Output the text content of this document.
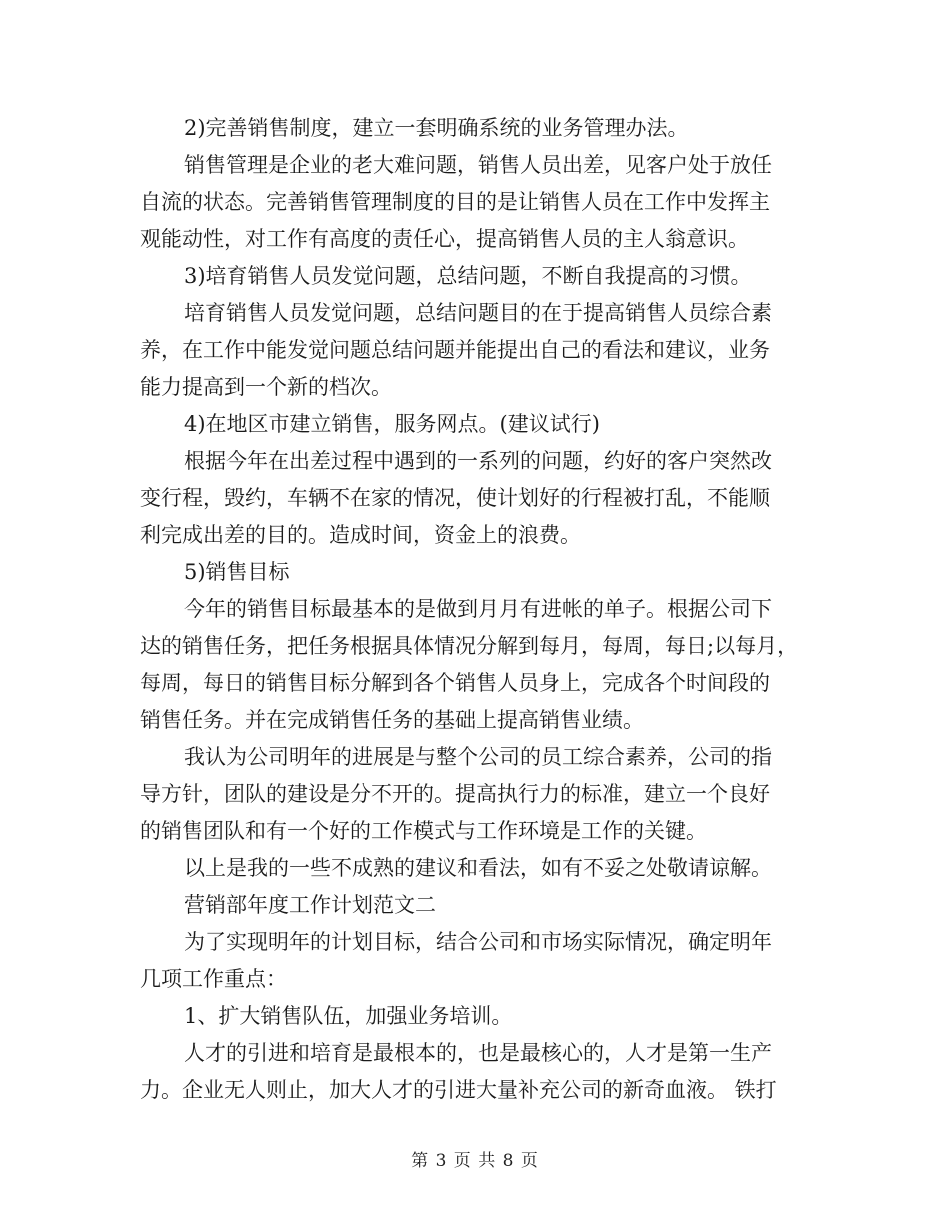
2)完善销售制度，建立一套明确系统的业务管理办法。
销售管理是企业的老大难问题，销售人员出差，见客户处于放任
自流的状态。完善销售管理制度的目的是让销售人员在工作中发挥主
观能动性，对工作有高度的责任心，提高销售人员的主人翁意识。
3)培育销售人员发觉问题，总结问题，不断自我提高的习惯。
培育销售人员发觉问题，总结问题目的在于提高销售人员综合素
养，在工作中能发觉问题总结问题并能提出自己的看法和建议，业务
能力提高到一个新的档次。
4)在地区市建立销售，服务网点。(建议试行)
根据今年在出差过程中遇到的一系列的问题，约好的客户突然改
变行程，毁约，车辆不在家的情况，使计划好的行程被打乱，不能顺
利完成出差的目的。造成时间，资金上的浪费。
5)销售目标
今年的销售目标最基本的是做到月月有进帐的单子。根据公司下
达的销售任务，把任务根据具体情况分解到每月，每周，每日;以每月，
每周，每日的销售目标分解到各个销售人员身上，完成各个时间段的
销售任务。并在完成销售任务的基础上提高销售业绩。
我认为公司明年的进展是与整个公司的员工综合素养，公司的指
导方针，团队的建设是分不开的。提高执行力的标准，建立一个良好
的销售团队和有一个好的工作模式与工作环境是工作的关键。
以上是我的一些不成熟的建议和看法，如有不妥之处敬请谅解。
营销部年度工作计划范文二
为了实现明年的计划目标，结合公司和市场实际情况，确定明年
几项工作重点：
1、扩大销售队伍，加强业务培训。
人才的引进和培育是最根本的，也是最核心的，人才是第一生产
力。企业无人则止，加大人才的引进大量补充公司的新奇血液。 铁打
第 3 页 共 8 页
